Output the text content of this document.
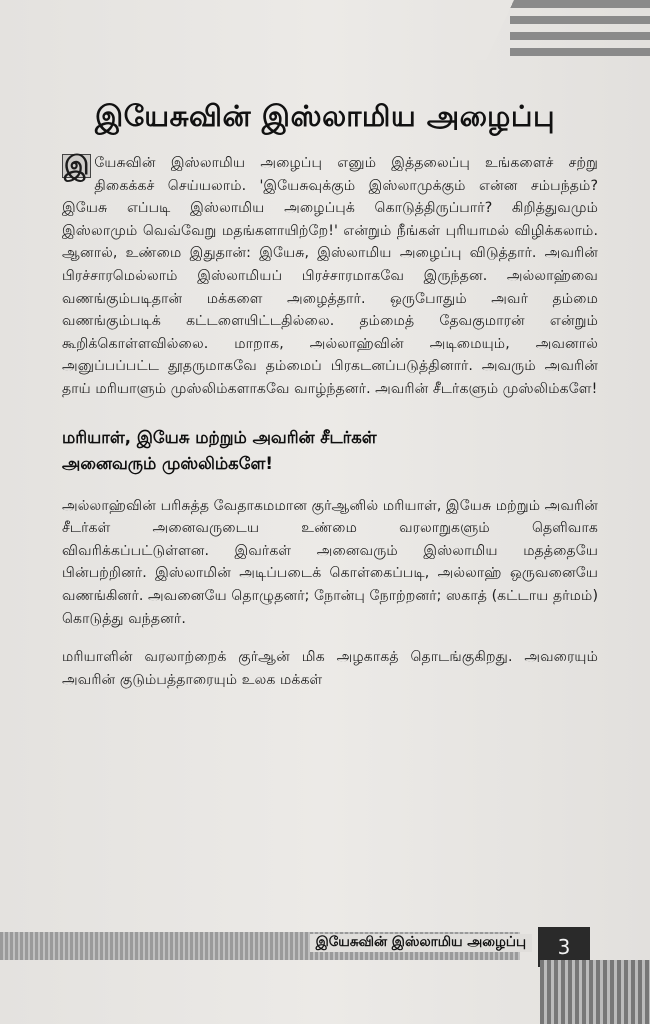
இயேசுவின் இஸ்லாமிய அழைப்பு

இ யேசுவின் இஸ்லாமிய அழைப்பு எனும் இத்தலைப்பு உங்களைச் சற்று திகைக்கச் செய்யலாம். 'இயேசுவுக்கும் இஸ்லாமுக்கும் என்ன சம்பந்தம்? இயேசு எப்படி இஸ்லாமிய அழைப்புக் கொடுத்திருப்பார்? கிறித்துவமும் இஸ்லாமும் வெவ்வேறு மதங்களாயிற்றே!' என்றும் நீங்கள் புரியாமல் விழிக்கலாம். ஆனால், உண்மை இதுதான்: இயேசு, இஸ்லாமிய அழைப்பு விடுத்தார். அவரின் பிரச்சாரமெல்லாம் இஸ்லாமியப் பிரச்சாரமாகவே இருந்தன. அல்லாஹ்வை வணங்கும்படிதான் மக்களை அழைத்தார். ஒருபோதும் அவர் தம்மை வணங்கும்படிக் கட்டளையிட்டதில்லை. தம்மைத் தேவகுமாரன் என்றும் கூறிக்கொள்ளவில்லை. மாறாக, அல்லாஹ்வின் அடிமையும், அவனால் அனுப்பப்பட்ட தூதருமாகவே தம்மைப் பிரகடனப்படுத்தினார். அவரும் அவரின் தாய் மரியாளும் முஸ்லிம்களாகவே வாழ்ந்தனர். அவரின் சீடர்களும் முஸ்லிம்களே!

மரியாள், இயேசு மற்றும் அவரின் சீடர்கள்
அனைவரும் முஸ்லிம்களே!

அல்லாஹ்வின் பரிசுத்த வேதாகமமான குர்ஆனில் மரியாள், இயேசு மற்றும் அவரின் சீடர்கள் அனைவருடைய உண்மை வரலாறுகளும் தெளிவாக விவரிக்கப்பட்டுள்ளன. இவர்கள் அனைவரும் இஸ்லாமிய மதத்தையே பின்பற்றினர். இஸ்லாமின் அடிப்படைக் கொள்கைப்படி, அல்லாஹ் ஒருவனையே வணங்கினர். அவனையே தொழுதனர்; நோன்பு நோற்றனர்; ஸகாத் (கட்டாய தர்மம்) கொடுத்து வந்தனர்.

மரியாளின் வரலாற்றைக் குர்ஆன் மிக அழகாகத் தொடங்குகிறது. அவரையும் அவரின் குடும்பத்தாரையும் உலக மக்கள்

இயேசுவின் இஸ்லாமிய அழைப்பு	3
